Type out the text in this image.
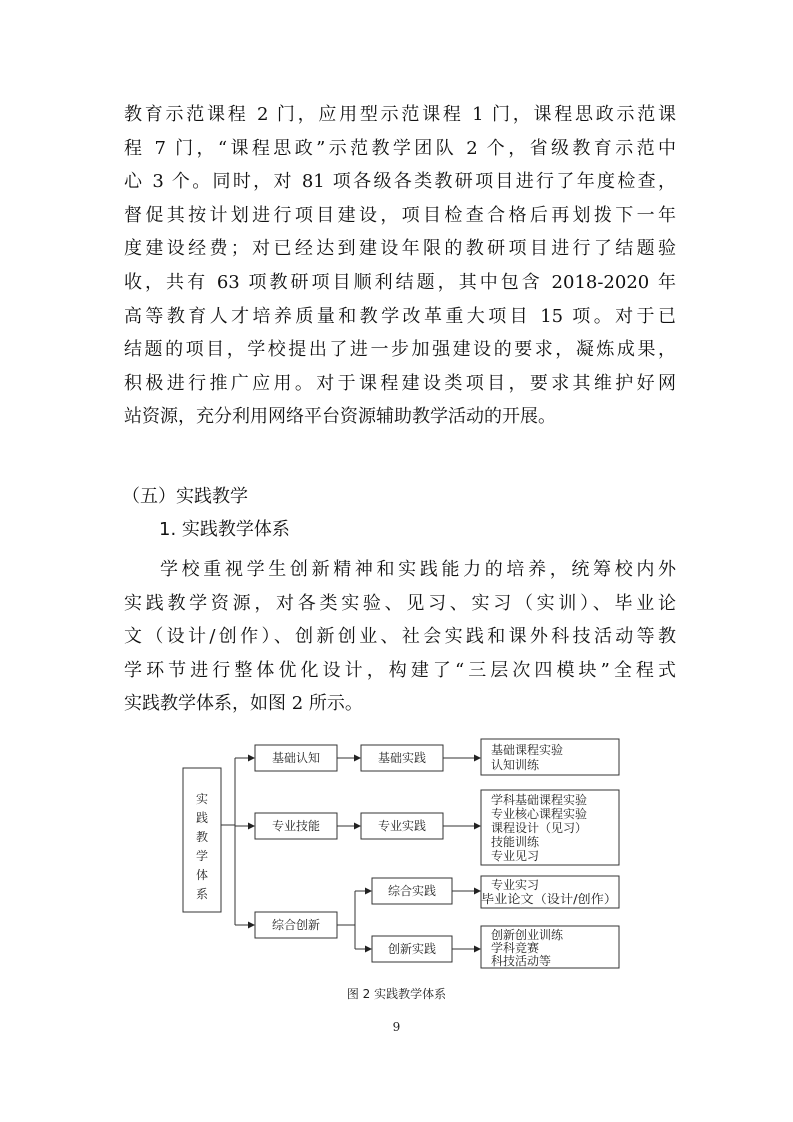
教育示范课程 2 门，应用型示范课程 1 门，课程思政示范课
程 7 门，“课程思政”示范教学团队 2 个，省级教育示范中
心 3 个。同时，对 81 项各级各类教研项目进行了年度检查，
督促其按计划进行项目建设，项目检查合格后再划拨下一年
度建设经费；对已经达到建设年限的教研项目进行了结题验
收，共有 63 项教研项目顺利结题，其中包含 2018-2020 年
高等教育人才培养质量和教学改革重大项目 15 项。对于已
结题的项目，学校提出了进一步加强建设的要求，凝炼成果，
积极进行推广应用。对于课程建设类项目，要求其维护好网
站资源，充分利用网络平台资源辅助教学活动的开展。
（五）实践教学
1. 实践教学体系
学校重视学生创新精神和实践能力的培养，统筹校内外
实践教学资源，对各类实验、见习、实习（实训）、毕业论
文（设计/创作）、创新创业、社会实践和课外科技活动等教
学环节进行整体优化设计，构建了“三层次四模块”全程式
实践教学体系，如图 2 所示。
实
践
教
学
体
系
基础认知
专业技能
综合创新
基础实践
专业实践
综合实践
创新实践
基础课程实验
认知训练
学科基础课程实验
专业核心课程实验
课程设计（见习）
技能训练
专业见习
专业实习
毕业论文（设计/创作）
创新创业训练
学科竞赛
科技活动等
图 2 实践教学体系
9
